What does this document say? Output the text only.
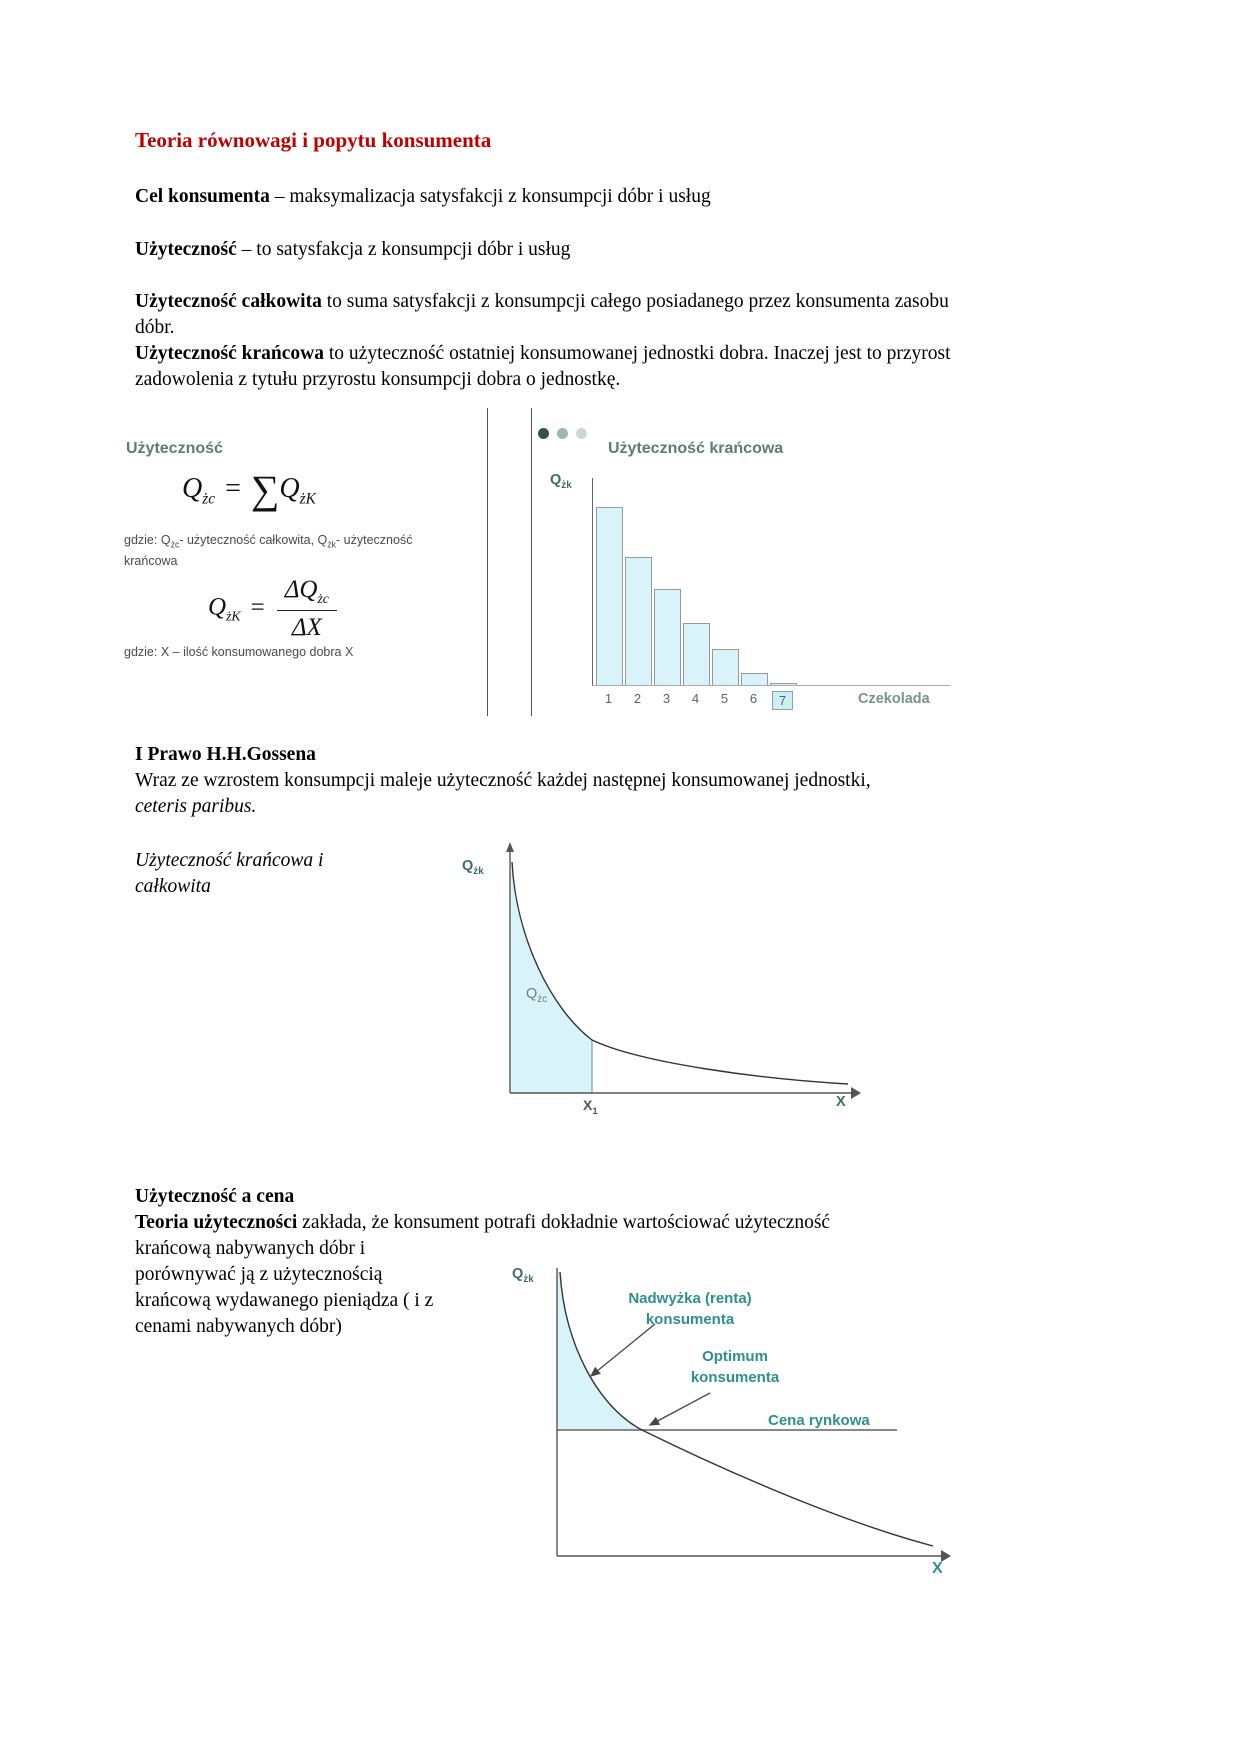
Teoria równowagi i popytu konsumenta

Cel konsumenta – maksymalizacja satysfakcji z konsumpcji dóbr i usług

Użyteczność – to satysfakcja z konsumpcji dóbr i usług

Użyteczność całkowita to suma satysfakcji z konsumpcji całego posiadanego przez konsumenta zasobu dóbr.

Użyteczność krańcowa to użyteczność ostatniej konsumowanej jednostki dobra. Inaczej jest to przyrost zadowolenia z tytułu przyrostu konsumpcji dobra o jednostkę.

Użyteczność
$Q_{żc} = \sum Q_{żK}$
gdzie: $Q_{żc}-$ użyteczność całkowita, $Q_{żk}-$ użyteczność krańcowa
$Q_{żK} = \frac{\Delta Q_{żc}}{\Delta X}$
gdzie: X – ilość konsumowanego dobra X
Użyteczność krańcowa
$Q_{żk}$
1	2	3	4	5	6	7	Czekolada
I Prawo H.H.Gossena
Wraz ze wzrostem konsumpcji maleje użyteczność każdej następnej konsumowanej jednostki,
ceteris paribus.
Użyteczność krańcowa i
całkowita
$Q_{żk}$
$Q_{żc}$
$X_1$
X
Użyteczność a cena
Teoria użyteczności zakłada, że konsument potrafi dokładnie wartościować użyteczność
krańcową nabywanych dóbr i
porównywać ją z użytecznością
krańcową wydawanego pieniądza ( i z
cenami nabywanych dóbr)
$Q_{żk}$
Nadwyżka (renta)
konsumenta
Optimum
konsumenta
Cena rynkowa
X
